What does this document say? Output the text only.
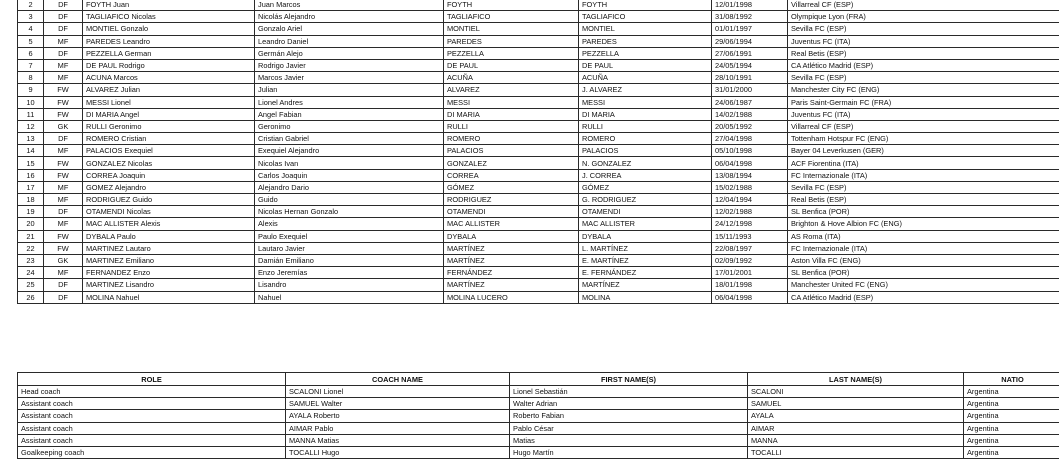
2	DF	FOYTH Juan	Juan Marcos	FOYTH	FOYTH	12/01/1998	Villarreal CF (ESP)
3	DF	TAGLIAFICO Nicolas	Nicolás Alejandro	TAGLIAFICO	TAGLIAFICO	31/08/1992	Olympique Lyon (FRA)
4	DF	MONTIEL Gonzalo	Gonzalo Ariel	MONTIEL	MONTIEL	01/01/1997	Sevilla FC (ESP)
5	MF	PAREDES Leandro	Leandro Daniel	PAREDES	PAREDES	29/06/1994	Juventus FC (ITA)
6	DF	PEZZELLA German	Germán Alejo	PEZZELLA	PEZZELLA	27/06/1991	Real Betis (ESP)
7	MF	DE PAUL Rodrigo	Rodrigo Javier	DE PAUL	DE PAUL	24/05/1994	CA Atlético Madrid (ESP)
8	MF	ACUNA Marcos	Marcos Javier	ACUÑA	ACUÑA	28/10/1991	Sevilla FC (ESP)
9	FW	ALVAREZ Julian	Julian	ALVAREZ	J. ALVAREZ	31/01/2000	Manchester City FC (ENG)
10	FW	MESSI Lionel	Lionel Andres	MESSI	MESSI	24/06/1987	Paris Saint-Germain FC (FRA)
11	FW	DI MARIA Angel	Angel Fabian	DI MARIA	DI MARIA	14/02/1988	Juventus FC (ITA)
12	GK	RULLI Geronimo	Geronimo	RULLI	RULLI	20/05/1992	Villarreal CF (ESP)
13	DF	ROMERO Cristian	Cristian Gabriel	ROMERO	ROMERO	27/04/1998	Tottenham Hotspur FC (ENG)
14	MF	PALACIOS Exequiel	Exequiel Alejandro	PALACIOS	PALACIOS	05/10/1998	Bayer 04 Leverkusen (GER)
15	FW	GONZALEZ Nicolas	Nicolas Ivan	GONZALEZ	N. GONZALEZ	06/04/1998	ACF Fiorentina (ITA)
16	FW	CORREA Joaquin	Carlos Joaquin	CORREA	J. CORREA	13/08/1994	FC Internazionale (ITA)
17	MF	GOMEZ Alejandro	Alejandro Dario	GÓMEZ	GÓMEZ	15/02/1988	Sevilla FC (ESP)
18	MF	RODRIGUEZ Guido	Guido	RODRIGUEZ	G. RODRIGUEZ	12/04/1994	Real Betis (ESP)
19	DF	OTAMENDI Nicolas	Nicolas Hernan Gonzalo	OTAMENDI	OTAMENDI	12/02/1988	SL Benfica (POR)
20	MF	MAC ALLISTER Alexis	Alexis	MAC ALLISTER	MAC ALLISTER	24/12/1998	Brighton & Hove Albion FC (ENG)
21	FW	DYBALA Paulo	Paulo Exequiel	DYBALA	DYBALA	15/11/1993	AS Roma (ITA)
22	FW	MARTINEZ Lautaro	Lautaro Javier	MARTÍNEZ	L. MARTÍNEZ	22/08/1997	FC Internazionale (ITA)
23	GK	MARTINEZ Emiliano	Damián Emiliano	MARTÍNEZ	E. MARTÍNEZ	02/09/1992	Aston Villa FC (ENG)
24	MF	FERNANDEZ Enzo	Enzo Jeremías	FERNÁNDEZ	E. FERNÁNDEZ	17/01/2001	SL Benfica (POR)
25	DF	MARTINEZ Lisandro	Lisandro	MARTÍNEZ	MARTÍNEZ	18/01/1998	Manchester United FC (ENG)
26	DF	MOLINA Nahuel	Nahuel	MOLINA LUCERO	MOLINA	06/04/1998	CA Atlético Madrid (ESP)
ROLE	COACH NAME	FIRST NAME(S)	LAST NAME(S)	NATIO
Head coach	SCALONI Lionel	Lionel Sebastián	SCALONI	Argentina
Assistant coach	SAMUEL Walter	Walter Adrian	SAMUEL	Argentina
Assistant coach	AYALA Roberto	Roberto Fabian	AYALA	Argentina
Assistant coach	AIMAR Pablo	Pablo César	AIMAR	Argentina
Assistant coach	MANNA Matias	Matias	MANNA	Argentina
Goalkeeping coach	TOCALLI Hugo	Hugo Martín	TOCALLI	Argentina
